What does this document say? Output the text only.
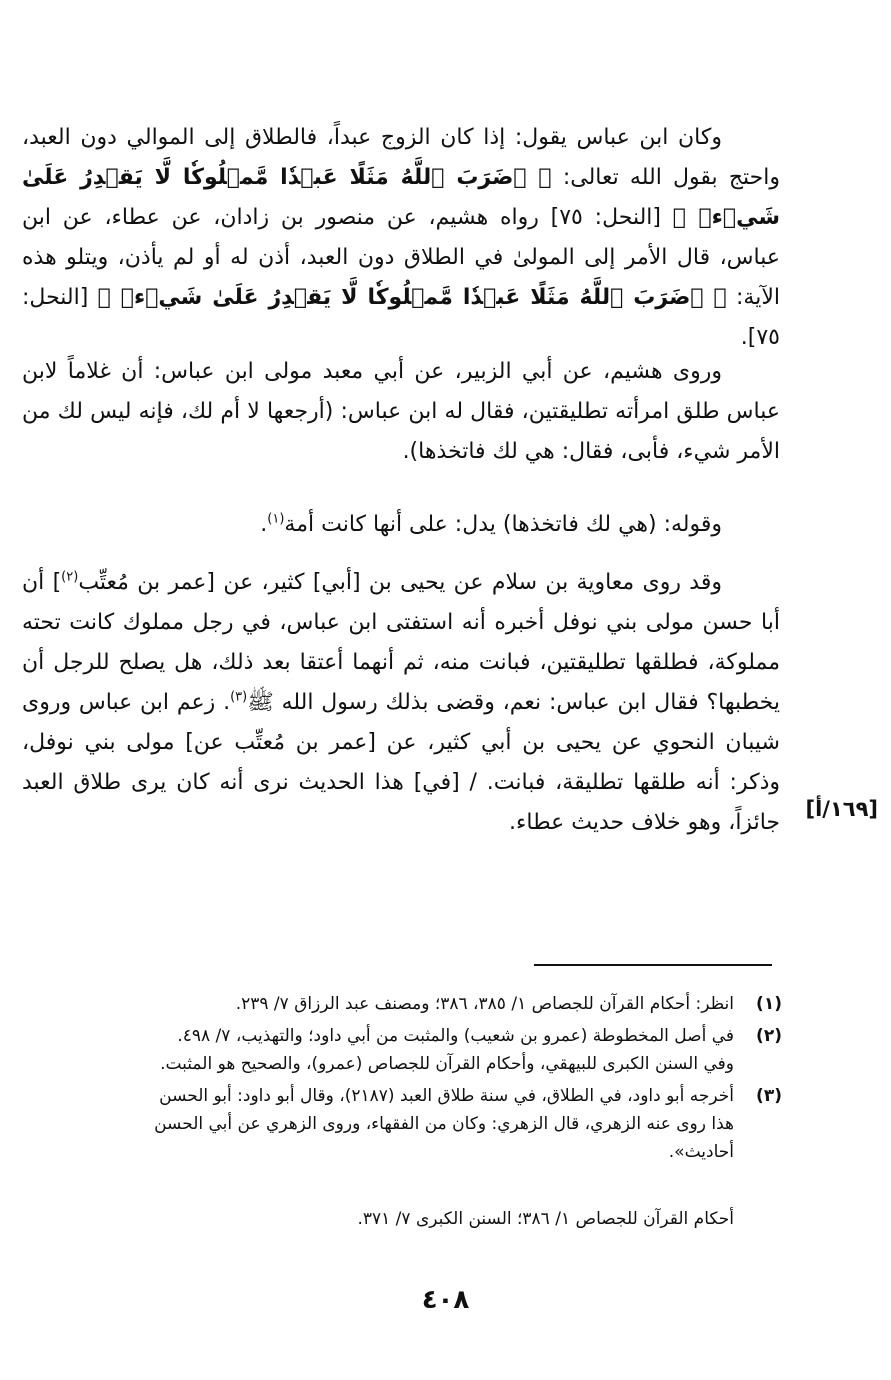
وكان ابن عباس يقول: إذا كان الزوج عبداً، فالطلاق إلى الموالي دون العبد، واحتج بقول الله تعالى: ﴿ ۞ضَرَبَ ٱللَّهُ مَثَلًا عَبۡدٗا مَّمۡلُوكٗا لَّا يَقۡدِرُ عَلَىٰ شَيۡءٖ ﴾ [النحل: ٧٥] رواه هشيم، عن منصور بن زادان، عن عطاء، عن ابن عباس، قال الأمر إلى المولىٰ في الطلاق دون العبد، أذن له أو لم يأذن، ويتلو هذه الآية: ﴿ ۞ضَرَبَ ٱللَّهُ مَثَلًا عَبۡدٗا مَّمۡلُوكٗا لَّا يَقۡدِرُ عَلَىٰ شَيۡءٖ ﴾ [النحل: ٧٥].
وروى هشيم، عن أبي الزبير، عن أبي معبد مولى ابن عباس: أن غلاماً لابن عباس طلق امرأته تطليقتين، فقال له ابن عباس: (أرجعها لا أم لك، فإنه ليس لك من الأمر شيء، فأبى، فقال: هي لك فاتخذها).
وقوله: (هي لك فاتخذها) يدل: على أنها كانت أمة$^{(١)}$.
وقد روى معاوية بن سلام عن يحيى بن [أبي] كثير، عن [عمر بن مُعتِّب$^{(٢)}$] أن أبا حسن مولى بني نوفل أخبره أنه استفتى ابن عباس، في رجل مملوك كانت تحته مملوكة، فطلقها تطليقتين، فبانت منه، ثم أنهما أعتقا بعد ذلك، هل يصلح للرجل أن يخطبها؟ فقال ابن عباس: نعم، وقضى بذلك رسول الله ﷺ$^{(٣)}$. زعم ابن عباس وروى شيبان النحوي عن يحيى بن أبي كثير، عن [عمر بن مُعتِّب عن] مولى بني نوفل، وذكر: أنه طلقها تطليقة، فبانت. / [في] هذا الحديث نرى أنه كان يرى طلاق العبد جائزاً، وهو خلاف حديث عطاء.
[١٦٩/أ]
(١)
انظر: أحكام القرآن للجصاص ١/ ٣٨٥، ٣٨٦؛ ومصنف عبد الرزاق ٧/ ٢٣٩.
(٢)
في أصل المخطوطة (عمرو بن شعيب) والمثبت من أبي داود؛ والتهذيب، ٧/ ٤٩٨.
وفي السنن الكبرى للبيهقي، وأحكام القرآن للجصاص (عمرو)، والصحيح هو المثبت.
(٣)
أخرجه أبو داود، في الطلاق، في سنة طلاق العبد (٢١٨٧)، وقال أبو داود: أبو الحسن
هذا روى عنه الزهري، قال الزهري: وكان من الفقهاء، وروى الزهري عن أبي الحسن
أحاديث».
أحكام القرآن للجصاص ١/ ٣٨٦؛ السنن الكبرى ٧/ ٣٧١.
٤٠٨
